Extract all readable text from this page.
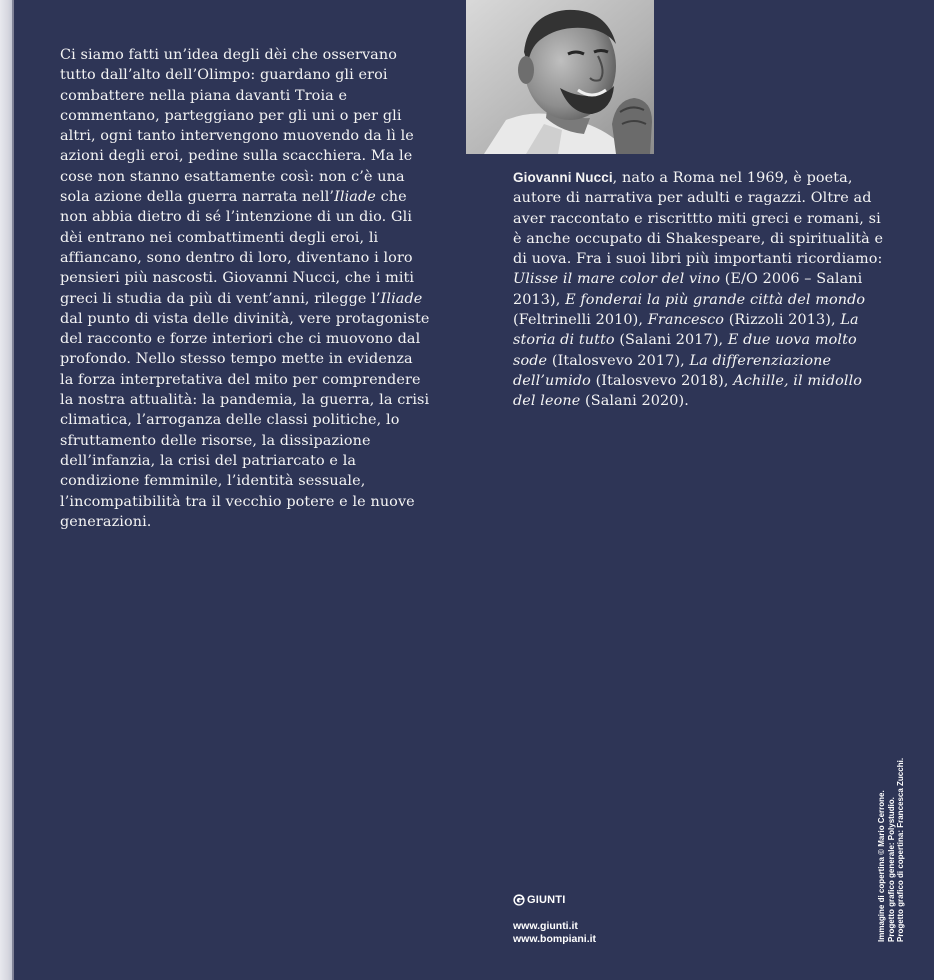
Ci siamo fatti un’idea degli dèi che osservano tutto dall’alto dell’Olimpo: guardano gli eroi combattere nella piana davanti Troia e commentano, parteggiano per gli uni o per gli altri, ogni tanto intervengono muovendo da lì le azioni degli eroi, pedine sulla scacchiera. Ma le cose non stanno esattamente così: non c’è una sola azione della guerra narrata nell’Iliade che non abbia dietro di sé l’intenzione di un dio. Gli dèi entrano nei combattimenti degli eroi, li affiancano, sono dentro di loro, diventano i loro pensieri più nascosti. Giovanni Nucci, che i miti greci li studia da più di vent’anni, rilegge l’Iliade dal punto di vista delle divinità, vere protagoniste del racconto e forze interiori che ci muovono dal profondo. Nello stesso tempo mette in evidenza la forza interpretativa del mito per comprendere la nostra attualità: la pandemia, la guerra, la crisi climatica, l’arroganza delle classi politiche, lo sfruttamento delle risorse, la dissipazione dell’infanzia, la crisi del patriarcato e la condizione femminile, l’identità sessuale, l’incompatibilità tra il vecchio potere e le nuove generazioni.

Giovanni Nucci, nato a Roma nel 1969, è poeta, autore di narrativa per adulti e ragazzi. Oltre ad aver raccontato e riscrittto miti greci e romani, si è anche occupato di Shakespeare, di spiritualità e di uova. Fra i suoi libri più importanti ricordiamo: Ulisse il mare color del vino (E/O 2006 – Salani 2013), E fonderai la più grande città del mondo (Feltrinelli 2010), Francesco (Rizzoli 2013), La storia di tutto (Salani 2017), E due uova molto sode (Italosvevo 2017), La differenziazione dell’umido (Italosvevo 2018), Achille, il midollo del leone (Salani 2020).

GIUNTI
www.giunti.it
www.bompiani.it	Immagine di copertina © Mario Cerrone. Progetto grafico generale: Polystudio. Progetto grafico di copertina: Francesca Zucchi.
